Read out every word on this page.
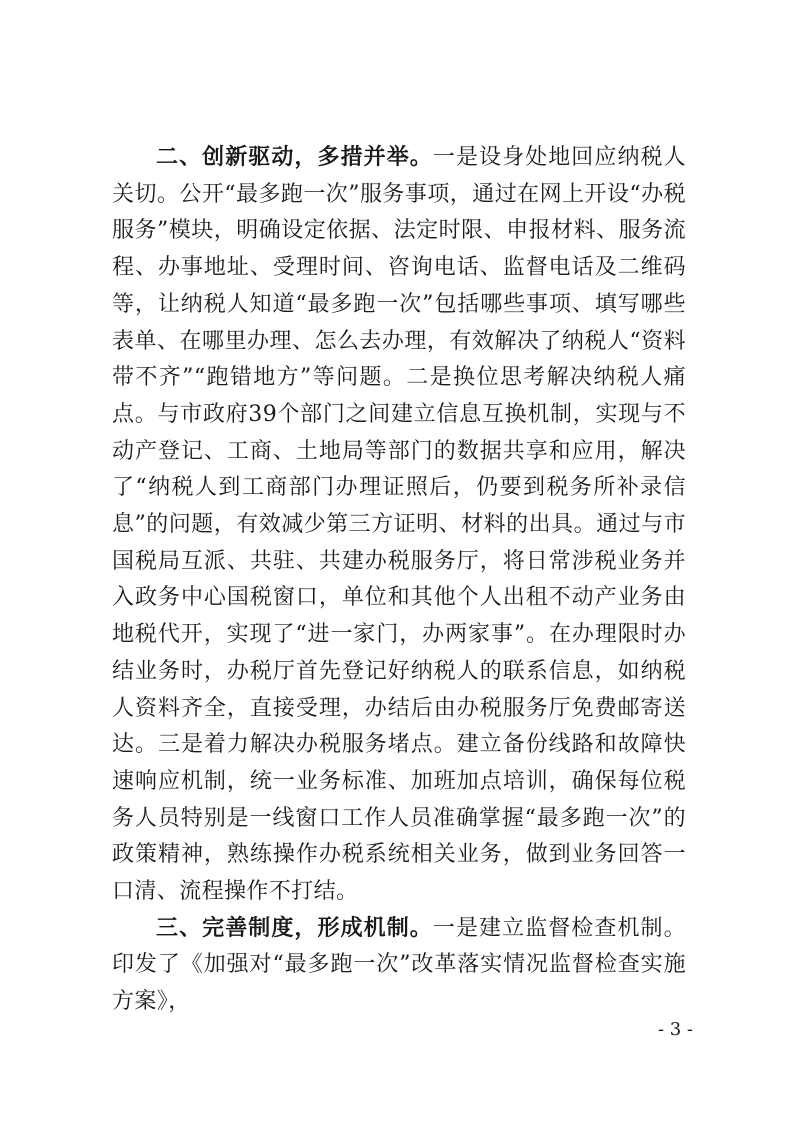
二、创新驱动，多措并举。一是设身处地回应纳税人关切。公开“最多跑一次”服务事项，通过在网上开设“办税服务”模块，明确设定依据、法定时限、申报材料、服务流程、办事地址、受理时间、咨询电话、监督电话及二维码等，让纳税人知道“最多跑一次”包括哪些事项、填写哪些表单、在哪里办理、怎么去办理，有效解决了纳税人“资料带不齐”“跑错地方”等问题。二是换位思考解决纳税人痛点。与市政府39个部门之间建立信息互换机制，实现与不动产登记、工商、土地局等部门的数据共享和应用，解决了“纳税人到工商部门办理证照后，仍要到税务所补录信息”的问题，有效减少第三方证明、材料的出具。通过与市国税局互派、共驻、共建办税服务厅，将日常涉税业务并入政务中心国税窗口，单位和其他个人出租不动产业务由地税代开，实现了“进一家门，办两家事”。在办理限时办结业务时，办税厅首先登记好纳税人的联系信息，如纳税人资料齐全，直接受理，办结后由办税服务厅免费邮寄送达。三是着力解决办税服务堵点。建立备份线路和故障快速响应机制，统一业务标准、加班加点培训，确保每位税务人员特别是一线窗口工作人员准确掌握“最多跑一次”的政策精神，熟练操作办税系统相关业务，做到业务回答一口清、流程操作不打结。

三、完善制度，形成机制。一是建立监督检查机制。印发了《加强对“最多跑一次”改革落实情况监督检查实施方案》，

- 3 -
